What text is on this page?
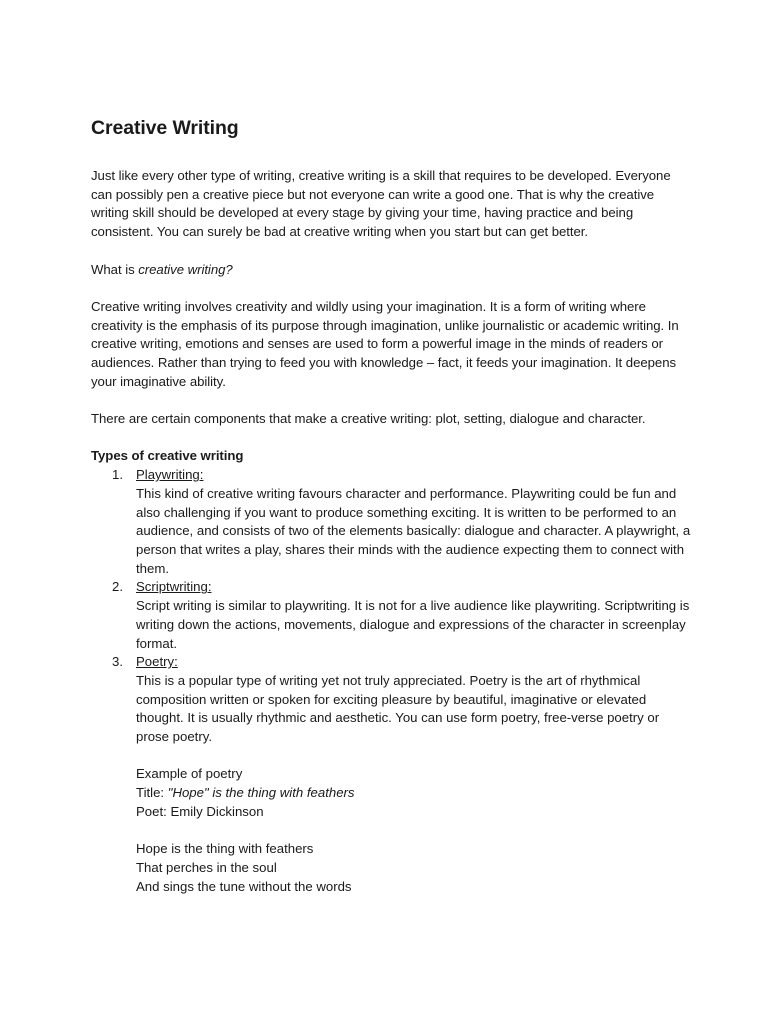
Creative Writing

Just like every other type of writing, creative writing is a skill that requires to be developed. Everyone can possibly pen a creative piece but not everyone can write a good one. That is why the creative writing skill should be developed at every stage by giving your time, having practice and being consistent. You can surely be bad at creative writing when you start but can get better.

What is creative writing?

Creative writing involves creativity and wildly using your imagination. It is a form of writing where creativity is the emphasis of its purpose through imagination, unlike journalistic or academic writing. In creative writing, emotions and senses are used to form a powerful image in the minds of readers or audiences. Rather than trying to feed you with knowledge – fact, it feeds your imagination. It deepens your imaginative ability.

There are certain components that make a creative writing: plot, setting, dialogue and character.

Types of creative writing

1. Playwriting:
This kind of creative writing favours character and performance. Playwriting could be fun and also challenging if you want to produce something exciting. It is written to be performed to an audience, and consists of two of the elements basically: dialogue and character. A playwright, a person that writes a play, shares their minds with the audience expecting them to connect with them.
2. Scriptwriting:
Script writing is similar to playwriting. It is not for a live audience like playwriting. Scriptwriting is writing down the actions, movements, dialogue and expressions of the character in screenplay format.
3. Poetry:
This is a popular type of writing yet not truly appreciated. Poetry is the art of rhythmical composition written or spoken for exciting pleasure by beautiful, imaginative or elevated thought. It is usually rhythmic and aesthetic. You can use form poetry, free-verse poetry or prose poetry.
Example of poetry
Title: "Hope" is the thing with feathers
Poet: Emily Dickinson
Hope is the thing with feathers
That perches in the soul
And sings the tune without the words
